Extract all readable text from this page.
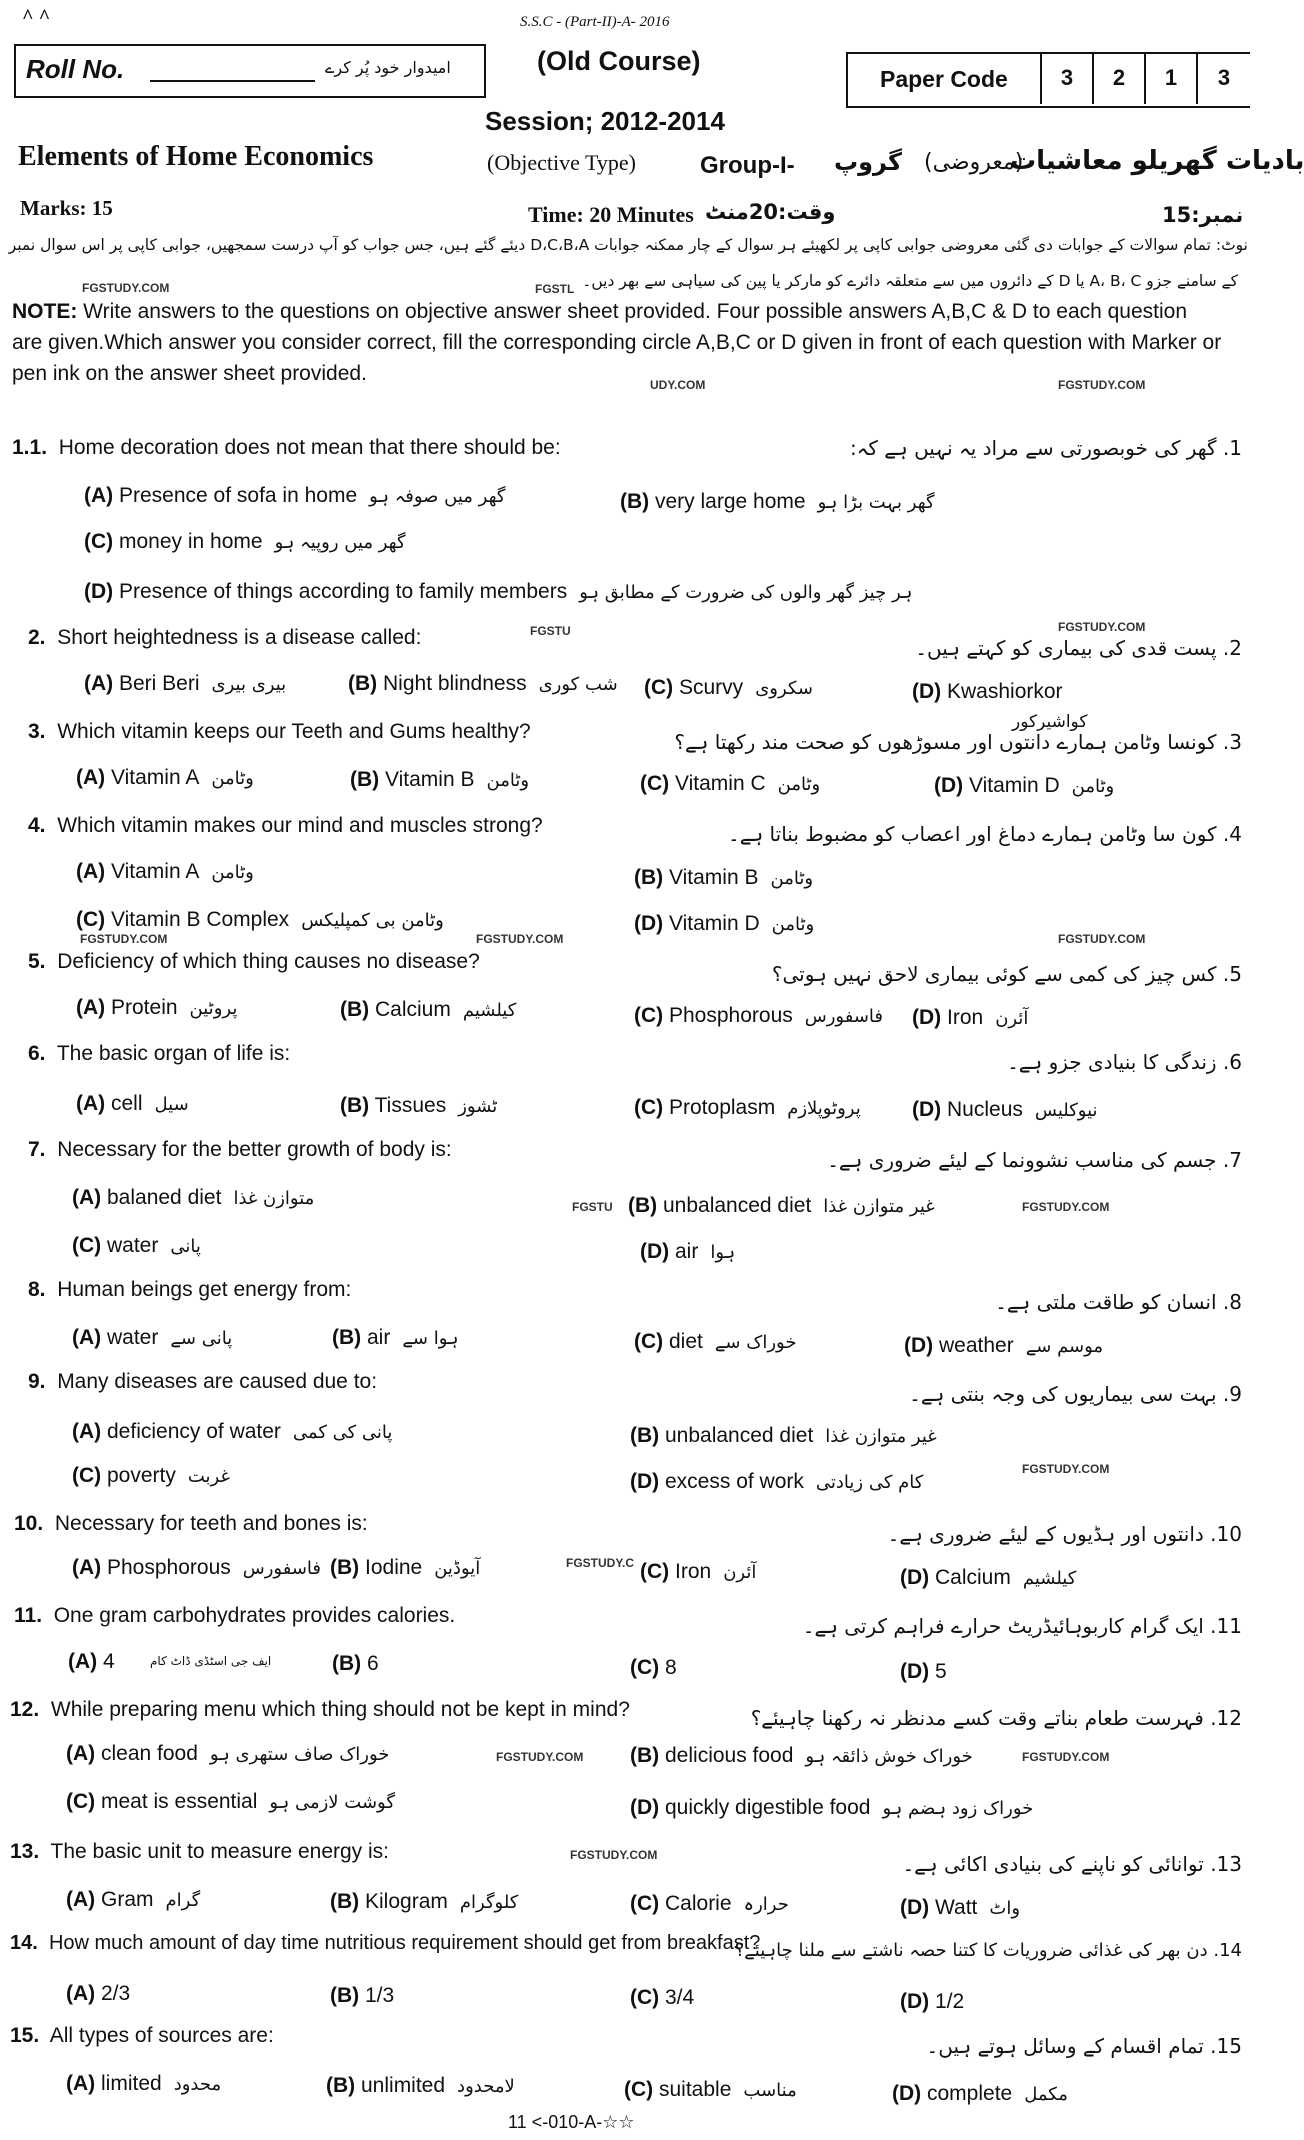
^ ^	S.S.C - (Part-II)-A- 2016
Roll No.	امیدوار خود پُر کرے	(Old Course)
Paper Code	3	2	1	3
Session; 2012-2014
Elements of Home Economics	(Objective Type)	Group-I- گروپ (معروضی)
بادیات گھریلو معاشیات
Marks: 15	Time: 20 Minutes وقت:20منٹ	نمبر:15
نوٹ: تمام سوالات کے جوابات دی گئی معروضی جوابی کاپی پر لکھیئے ہر سوال کے چار ممکنہ جوابات D،C،B،A دیئے گئے ہیں، جس جواب کو آپ درست سمجھیں، جوابی کاپی پر اس سوال نمبر
FGSTUDY.COM	FGSTL کے سامنے جزو A، B، C یا D کے دائروں میں سے متعلقہ دائرے کو مارکر یا پین کی سیاہی سے بھر دیں۔
NOTE: Write answers to the questions on objective answer sheet provided. Four possible answers A,B,C & D to each question are given.Which answer you consider correct, fill the corresponding circle A,B,C or D given in front of each question with Marker or pen ink on the answer sheet provided.	UDY.COM	FGSTUDY.COM
1.1. Home decoration does not mean that there should be:	1. گھر کی خوبصورتی سے مراد یہ نہیں ہے کہ:
(A) Presence of sofa in home گھر میں صوفہ ہو	(B) very large home گھر بہت بڑا ہو
(C) money in home گھر میں روپیہ ہو
(D) Presence of things according to family members ہر چیز گھر والوں کی ضرورت کے مطابق ہو
FGSTUDY.COM
2. Short heightedness is a disease called:	FGSTU
2. پست قدی کی بیماری کو کہتے ہیں۔
(A) Beri Beri بیری بیری	(B) Night blindness شب کوری (C) Scurvy سکروی	(D) Kwashiorkor
کواشیرکور
3. Which vitamin keeps our Teeth and Gums healthy?	3. کونسا وٹامن ہمارے دانتوں اور مسوڑھوں کو صحت مند رکھتا ہے؟
(A) Vitamin A وٹامن	(B) Vitamin B وٹامن	(C) Vitamin C وٹامن	(D) Vitamin D وٹامن
4. Which vitamin makes our mind and muscles strong?	4. کون سا وٹامن ہمارے دماغ اور اعصاب کو مضبوط بناتا ہے۔
(A) Vitamin A وٹامن	(B) Vitamin B وٹامن
(C) Vitamin B Complex وٹامن بی کمپلیکس	(D) Vitamin D وٹامن
FGSTUDY.COM	FGSTUDY.COM	FGSTUDY.COM
5. Deficiency of which thing causes no disease?
5. کس چیز کی کمی سے کوئی بیماری لاحق نہیں ہوتی؟
(A) Protein پروٹین	(B) Calcium کیلشیم	(C) Phosphorous فاسفورس (D) Iron آئرن
6. The basic organ of life is:	6. زندگی کا بنیادی جزو ہے۔
(A) cell سیل	(B) Tissues ٹشوز	(C) Protoplasm پروٹوپلازم (D) Nucleus نیوکلیس
7. Necessary for the better growth of body is:	7. جسم کی مناسب نشوونما کے لیئے ضروری ہے۔
(A) balaned diet متوازن غذا	FGSTU (B) unbalanced diet غیر متوازن غذا	FGSTUDY.COM
(C) water پانی	(D) air ہوا
8. Human beings get energy from:
8. انسان کو طاقت ملتی ہے۔
(A) water پانی سے	(B) air ہوا سے	(C) diet خوراک سے	(D) weather موسم سے
9. Many diseases are caused due to:
9. بہت سی بیماریوں کی وجہ بنتی ہے۔
(A) deficiency of water پانی کی کمی	(B) unbalanced diet غیر متوازن غذا
(C) poverty غربت	(D) excess of work کام کی زیادتی
FGSTUDY.COM
10. Necessary for teeth and bones is:	10. دانتوں اور ہڈیوں کے لیئے ضروری ہے۔
(A) Phosphorous فاسفورس (B) Iodine آیوڈین	FGSTUDY.C (C) Iron آئرن	(D) Calcium کیلشیم
11. One gram carbohydrates provides calories.	11. ایک گرام کاربوہائیڈریٹ حرارے فراہم کرتی ہے۔
(A) 4	ایف جی اسٹڈی ڈاٹ کام	(B) 6	(C) 8	(D) 5
12. While preparing menu which thing should not be kept in mind?	12. فہرست طعام بناتے وقت کسے مدنظر نہ رکھنا چاہیئے؟
(A) clean food خوراک صاف ستھری ہو	FGSTUDY.COM (B) delicious food خوراک خوش ذائقہ ہو	FGSTUDY.COM
(C) meat is essential گوشت لازمی ہو	(D) quickly digestible food خوراک زود ہضم ہو
13. The basic unit to measure energy is:	FGSTUDY.COM	13. توانائی کو ناپنے کی بنیادی اکائی ہے۔
(A) Gram گرام	(B) Kilogram کلوگرام	(C) Calorie حرارہ	(D) Watt واٹ
14. How much amount of day time nutritious requirement should get from breakfast?
14. دن بھر کی غذائی ضروریات کا کتنا حصہ ناشتے سے ملنا چاہیئے؟
(A) 2/3	(B) 1/3	(C) 3/4	(D) 1/2
15. All types of sources are:	15. تمام اقسام کے وسائل ہوتے ہیں۔
(A) limited محدود	(B) unlimited لامحدود	(C) suitable مناسب	(D) complete مکمل
11 <-010-A-☆☆
